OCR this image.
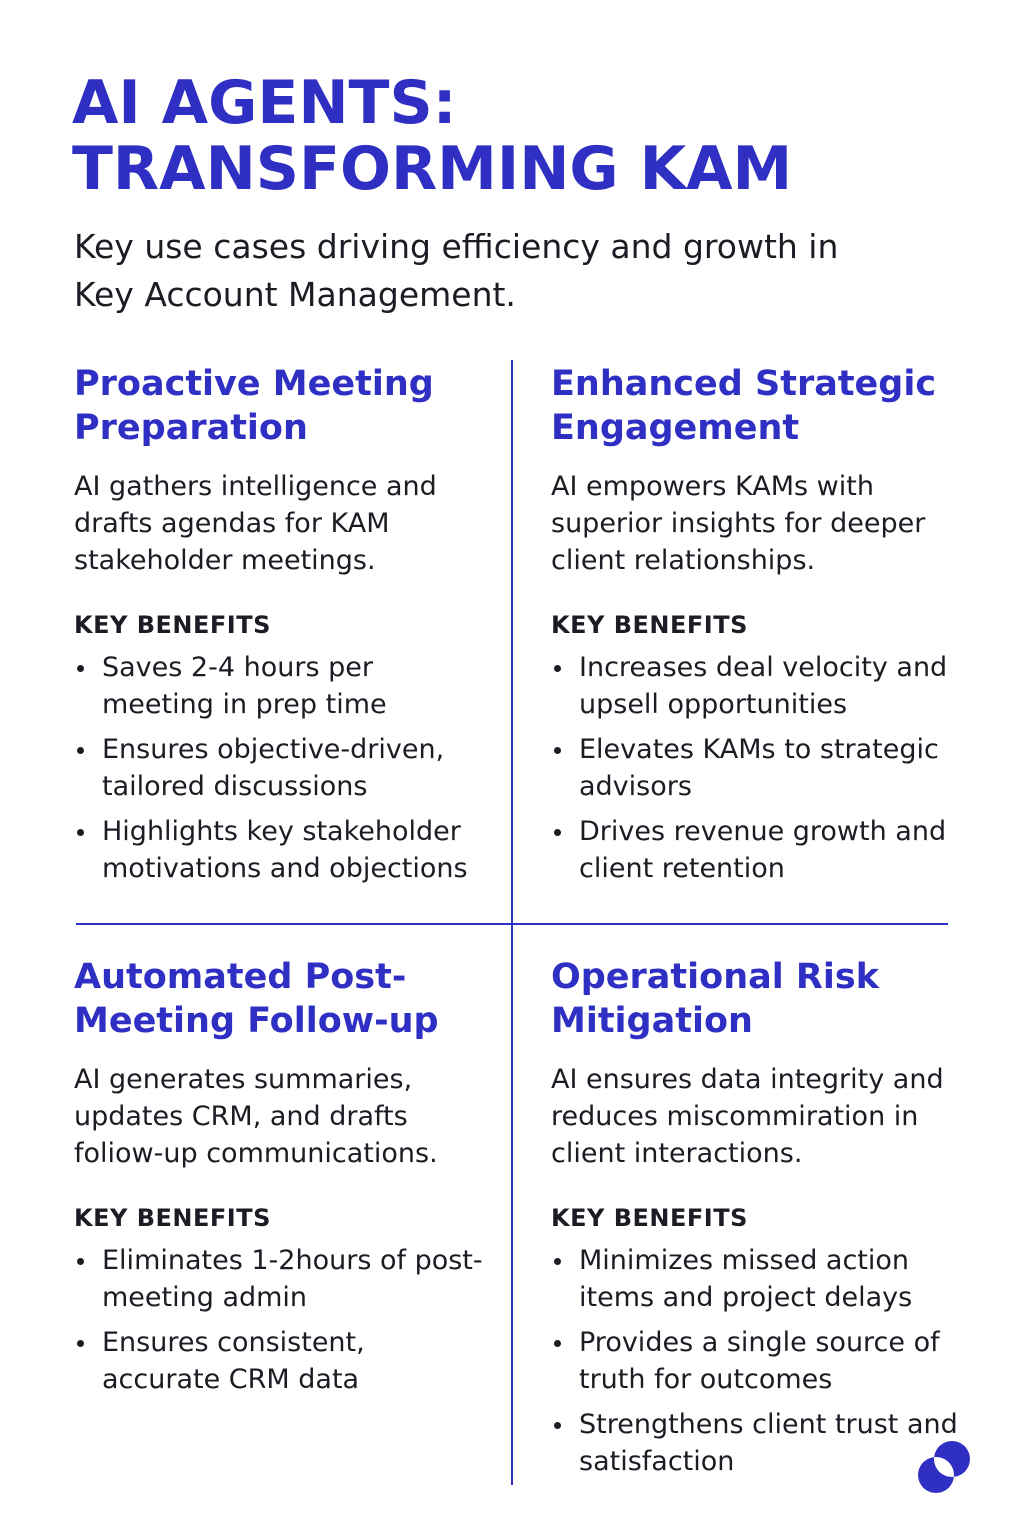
AI AGENTS: TRANSFORMING KAM

Key use cases driving efficiency and growth in Key Account Management.

Proactive Meeting Preparation

AI gathers intelligence and drafts agendas for KAM stakeholder meetings.

KEY BENEFITS
Saves 2-4 hours per meeting in prep time
Ensures objective-driven, tailored discussions
Highlights key stakeholder motivations and objections
Enhanced Strategic Engagement

AI empowers KAMs with superior insights for deeper client relationships.

KEY BENEFITS
Increases deal velocity and upsell opportunities
Elevates KAMs to strategic advisors
Drives revenue growth and client retention
Automated Post-Meeting Follow-up

AI generates summaries, updates CRM, and drafts foliow-up communications.

KEY BENEFITS
Eliminates 1-2hours of post-meeting admin
Ensures consistent, accurate CRM data
Operational Risk Mitigation

AI ensures data integrity and reduces miscommiration in client interactions.

KEY BENEFITS
Minimizes missed action items and project delays
Provides a single source of truth for outcomes
Strengthens client trust and satisfaction
